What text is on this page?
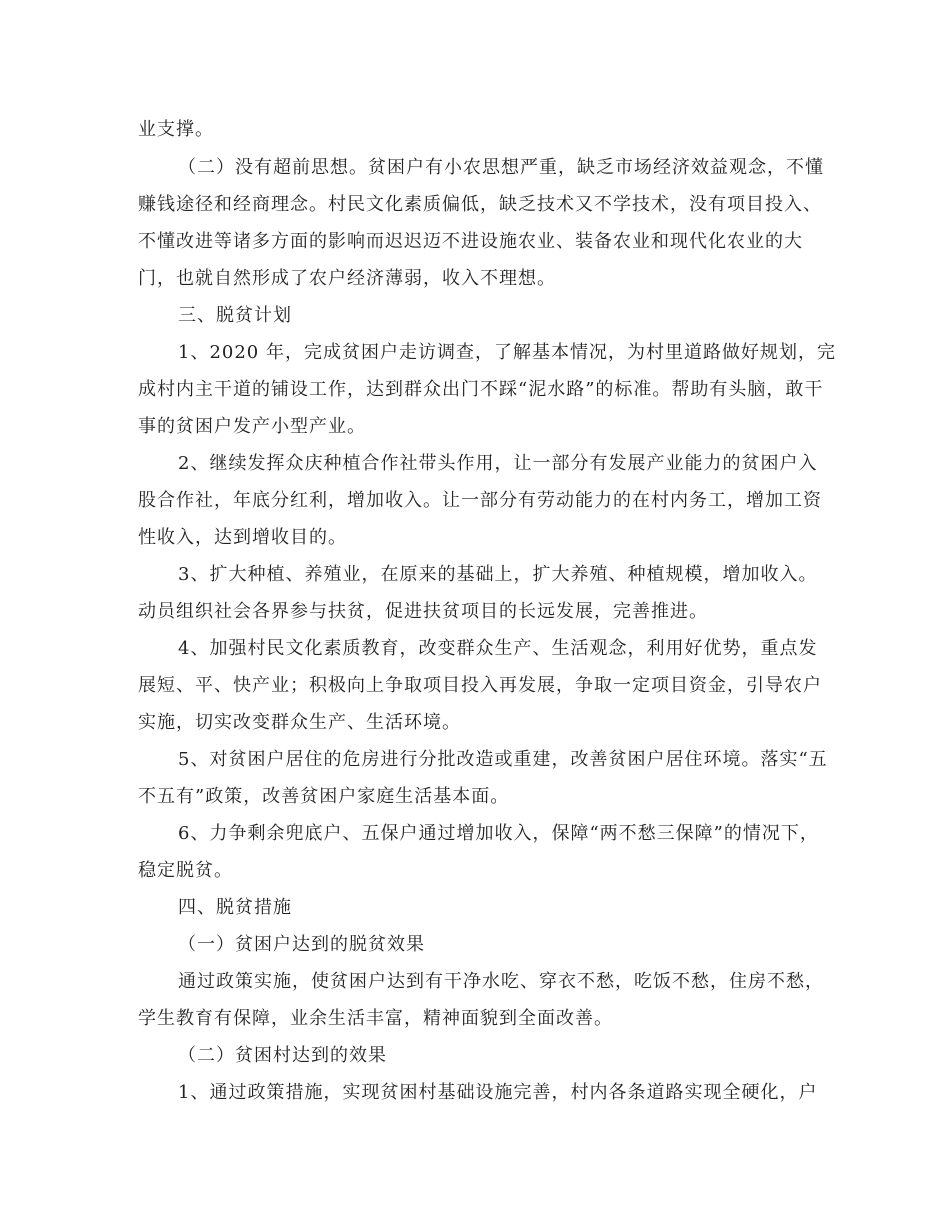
业支撑。
（二）没有超前思想。贫困户有小农思想严重，缺乏市场经济效益观念，不懂
赚钱途径和经商理念。村民文化素质偏低，缺乏技术又不学技术，没有项目投入、
不懂改进等诸多方面的影响而迟迟迈不进设施农业、装备农业和现代化农业的大
门，也就自然形成了农户经济薄弱，收入不理想。
三、脱贫计划
1、2020 年，完成贫困户走访调查，了解基本情况，为村里道路做好规划，完
成村内主干道的铺设工作，达到群众出门不踩“泥水路”的标准。帮助有头脑，敢干
事的贫困户发产小型产业。
2、继续发挥众庆种植合作社带头作用，让一部分有发展产业能力的贫困户入
股合作社，年底分红利，增加收入。让一部分有劳动能力的在村内务工，增加工资
性收入，达到增收目的。
3、扩大种植、养殖业，在原来的基础上，扩大养殖、种植规模，增加收入。
动员组织社会各界参与扶贫，促进扶贫项目的长远发展，完善推进。
4、加强村民文化素质教育，改变群众生产、生活观念，利用好优势，重点发
展短、平、快产业；积极向上争取项目投入再发展，争取一定项目资金，引导农户
实施，切实改变群众生产、生活环境。
5、对贫困户居住的危房进行分批改造或重建，改善贫困户居住环境。落实“五
不五有”政策，改善贫困户家庭生活基本面。
6、力争剩余兜底户、五保户通过增加收入，保障“两不愁三保障”的情况下，
稳定脱贫。
四、脱贫措施
（一）贫困户达到的脱贫效果
通过政策实施，使贫困户达到有干净水吃、穿衣不愁，吃饭不愁，住房不愁，
学生教育有保障，业余生活丰富，精神面貌到全面改善。
（二）贫困村达到的效果
1、通过政策措施，实现贫困村基础设施完善，村内各条道路实现全硬化，户
